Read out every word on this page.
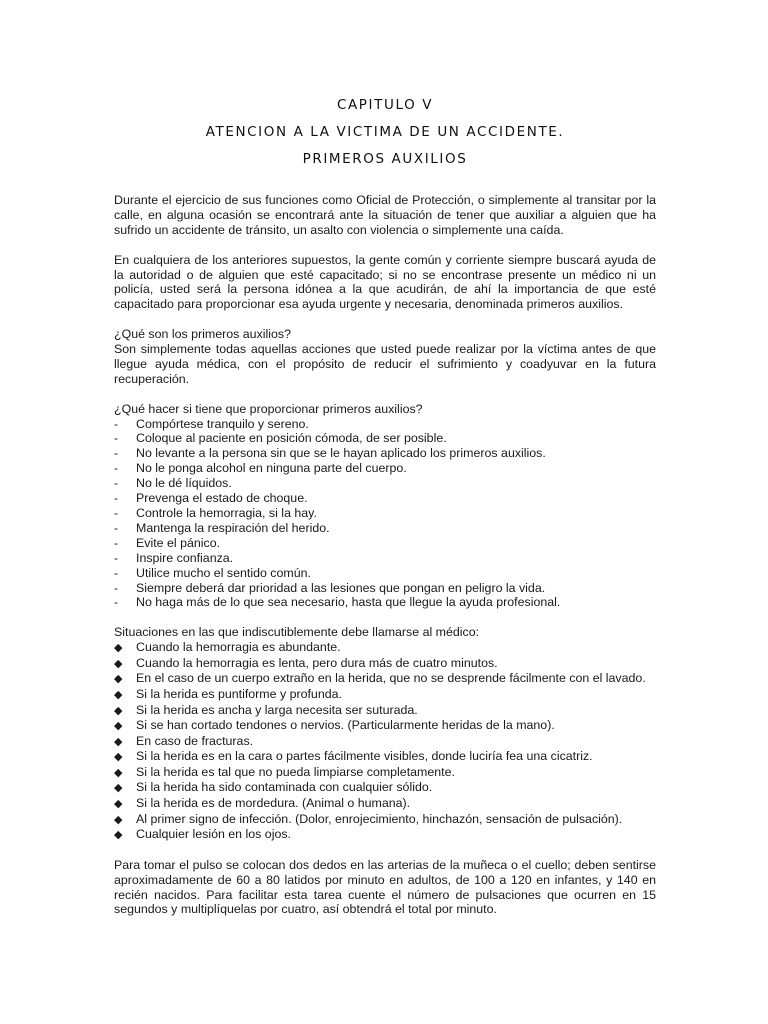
CAPITULO V
ATENCION A LA VICTIMA DE UN ACCIDENTE.
PRIMEROS AUXILIOS

Durante el ejercicio de sus funciones como Oficial de Protección, o simplemente al transitar por la calle, en alguna ocasión se encontrará ante la situación de tener que auxiliar a alguien que ha sufrido un accidente de tránsito, un asalto con violencia o simplemente una caída.

En cualquiera de los anteriores supuestos, la gente común y corriente siempre buscará ayuda de la autoridad o de alguien que esté capacitado; si no se encontrase presente un médico ni un policía, usted será la persona idónea a la que acudirán, de ahí la importancia de que esté capacitado para proporcionar esa ayuda urgente y necesaria, denominada primeros auxilios.

¿Qué son los primeros auxilios?

Son simplemente todas aquellas acciones que usted puede realizar por la víctima antes de que llegue ayuda médica, con el propósito de reducir el sufrimiento y coadyuvar en la futura recuperación.

¿Qué hacer si tiene que proporcionar primeros auxilios?

- Compórtese tranquilo y sereno.
- Coloque al paciente en posición cómoda, de ser posible.
- No levante a la persona sin que se le hayan aplicado los primeros auxilios.
- No le ponga alcohol en ninguna parte del cuerpo.
- No le dé líquidos.
- Prevenga el estado de choque.
- Controle la hemorragia, si la hay.
- Mantenga la respiración del herido.
- Evite el pánico.
- Inspire confianza.
- Utilice mucho el sentido común.
- Siempre deberá dar prioridad a las lesiones que pongan en peligro la vida.
- No haga más de lo que sea necesario, hasta que llegue la ayuda profesional.

Situaciones en las que indiscutiblemente debe llamarse al médico:

◆ Cuando la hemorragia es abundante.
◆ Cuando la hemorragia es lenta, pero dura más de cuatro minutos.
◆ En el caso de un cuerpo extraño en la herida, que no se desprende fácilmente con el lavado.
◆ Si la herida es puntiforme y profunda.
◆ Si la herida es ancha y larga necesita ser suturada.
◆ Si se han cortado tendones o nervios. (Particularmente heridas de la mano).
◆ En caso de fracturas.
◆ Si la herida es en la cara o partes fácilmente visibles, donde luciría fea una cicatriz.
◆ Si la herida es tal que no pueda limpiarse completamente.
◆ Si la herida ha sido contaminada con cualquier sólido.
◆ Si la herida es de mordedura. (Animal o humana).
◆ Al primer signo de infección. (Dolor, enrojecimiento, hinchazón, sensación de pulsación).
◆ Cualquier lesión en los ojos.

Para tomar el pulso se colocan dos dedos en las arterias de la muñeca o el cuello; deben sentirse aproximadamente de 60 a 80 latidos por minuto en adultos, de 100 a 120 en infantes, y 140 en recién nacidos. Para facilitar esta tarea cuente el número de pulsaciones que ocurren en 15 segundos y multiplíquelas por cuatro, así obtendrá el total por minuto.
